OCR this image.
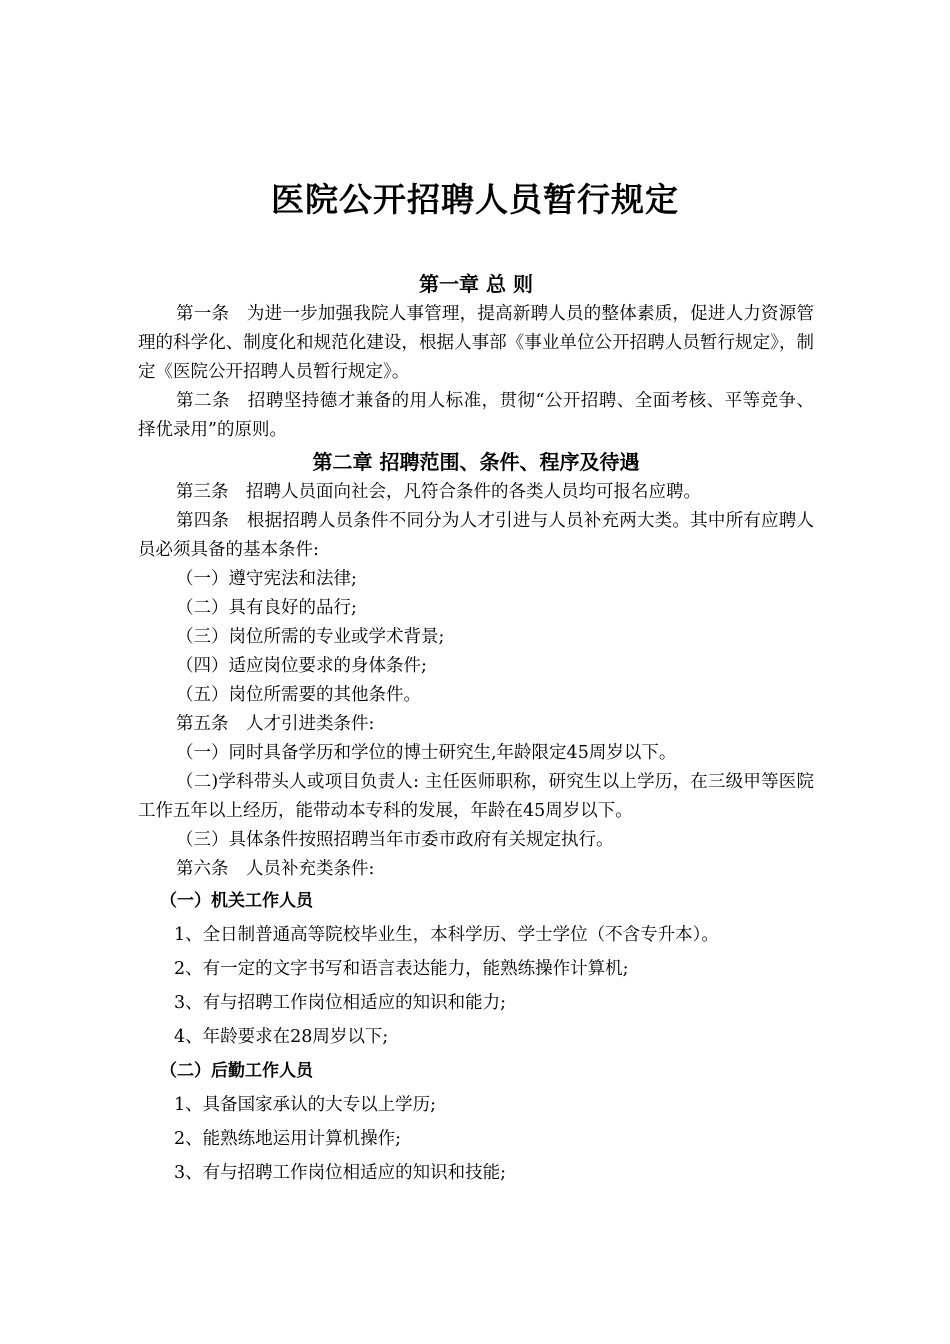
医院公开招聘人员暂行规定
第一章 总 则
第一条　为进一步加强我院人事管理，提高新聘人员的整体素质，促进人力资源管理的科学化、制度化和规范化建设，根据人事部《事业单位公开招聘人员暂行规定》，制定《医院公开招聘人员暂行规定》。
第二条　招聘坚持德才兼备的用人标准，贯彻“公开招聘、全面考核、平等竞争、择优录用”的原则。
第二章 招聘范围、条件、程序及待遇
第三条　招聘人员面向社会，凡符合条件的各类人员均可报名应聘。
第四条　根据招聘人员条件不同分为人才引进与人员补充两大类。其中所有应聘人员必须具备的基本条件:
（一）遵守宪法和法律;
（二）具有良好的品行;
（三）岗位所需的专业或学术背景;
（四）适应岗位要求的身体条件;
（五）岗位所需要的其他条件。
第五条　人才引进类条件:
（一）同时具备学历和学位的博士研究生,年龄限定45周岁以下。
（二)学科带头人或项目负责人: 主任医师职称，研究生以上学历，在三级甲等医院工作五年以上经历，能带动本专科的发展，年龄在45周岁以下。
（三）具体条件按照招聘当年市委市政府有关规定执行。
第六条　人员补充类条件:
（一）机关工作人员
1、全日制普通高等院校毕业生，本科学历、学士学位（不含专升本）。
2、有一定的文字书写和语言表达能力，能熟练操作计算机;
3、有与招聘工作岗位相适应的知识和能力;
4、年龄要求在28周岁以下;
（二）后勤工作人员
1、具备国家承认的大专以上学历;
2、能熟练地运用计算机操作;
3、有与招聘工作岗位相适应的知识和技能;
